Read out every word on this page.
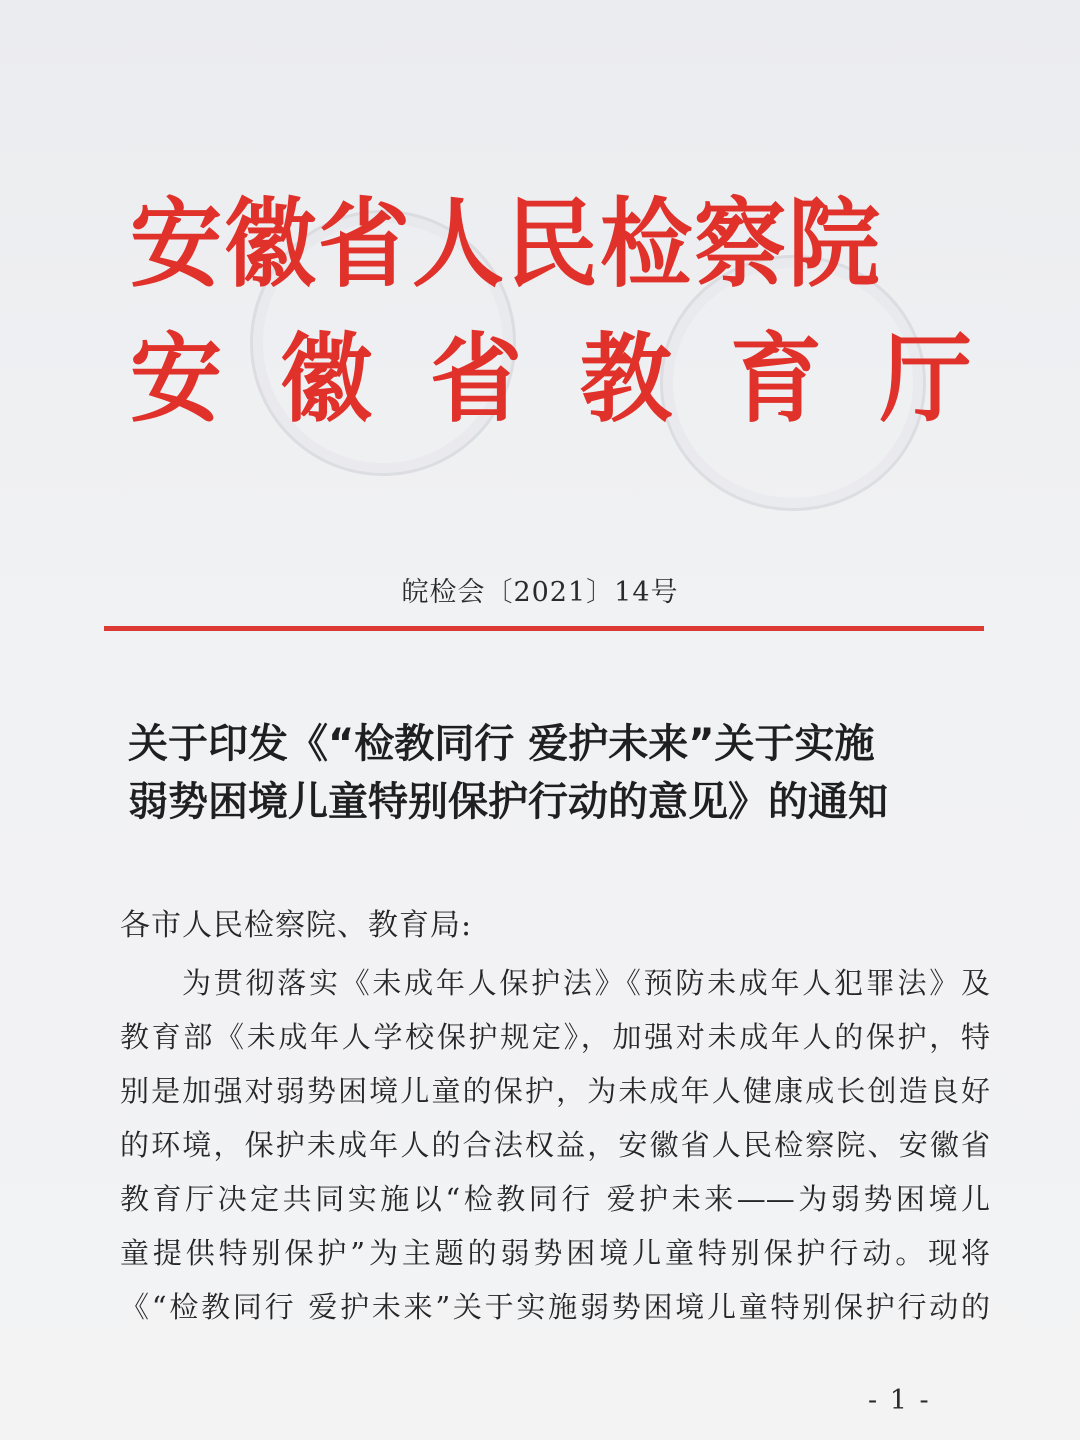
安徽省人民检察院
安徽省教育厅
皖检会〔2021〕14号
关于印发《“检教同行 爱护未来”关于实施
弱势困境儿童特别保护行动的意见》的通知
各市人民检察院、教育局:
为贯彻落实《未成年人保护法》《预防未成年人犯罪法》及
教育部《未成年人学校保护规定》，加强对未成年人的保护，特
别是加强对弱势困境儿童的保护，为未成年人健康成长创造良好
的环境，保护未成年人的合法权益，安徽省人民检察院、安徽省
教育厅决定共同实施以“检教同行 爱护未来——为弱势困境儿
童提供特别保护”为主题的弱势困境儿童特别保护行动。现将
《“检教同行 爱护未来”关于实施弱势困境儿童特别保护行动的
- 1 -
